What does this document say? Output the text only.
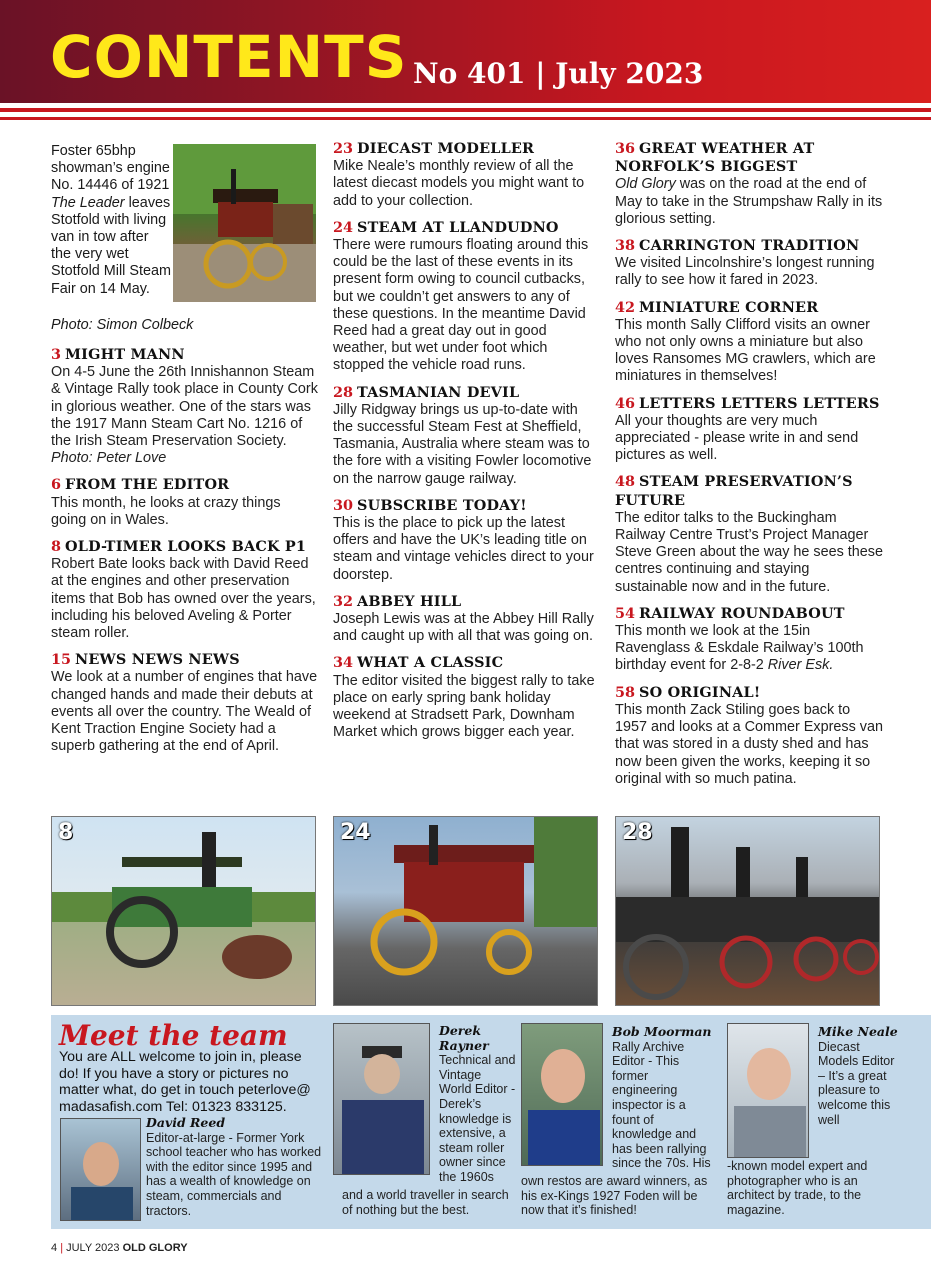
CONTENTS No 401 | July 2023
Foster 65bhp showman’s engine No. 14446 of 1921 The Leader leaves Stotfold with living van in tow after the very wet Stotfold Mill Steam Fair on 14 May.
Photo: Simon Colbeck
3 MIGHT MANN
On 4-5 June the 26th Innishannon Steam & Vintage Rally took place in County Cork in glorious weather. One of the stars was the 1917 Mann Steam Cart No. 1216 of the Irish Steam Preservation Society.
Photo: Peter Love
6 FROM THE EDITOR
This month, he looks at crazy things going on in Wales.
8 OLD-TIMER LOOKS BACK P1
Robert Bate looks back with David Reed at the engines and other preservation items that Bob has owned over the years, including his beloved Aveling & Porter steam roller.
15 NEWS NEWS NEWS
We look at a number of engines that have changed hands and made their debuts at events all over the country. The Weald of Kent Traction Engine Society had a superb gathering at the end of April.
23 DIECAST MODELLER
Mike Neale’s monthly review of all the latest diecast models you might want to add to your collection.
24 STEAM AT LLANDUDNO
There were rumours floating around this could be the last of these events in its present form owing to council cutbacks, but we couldn’t get answers to any of these questions. In the meantime David Reed had a great day out in good weather, but wet under foot which stopped the vehicle road runs.
28 TASMANIAN DEVIL
Jilly Ridgway brings us up-to-date with the successful Steam Fest at Sheffield, Tasmania, Australia where steam was to the fore with a visiting Fowler locomotive on the narrow gauge railway.
30 SUBSCRIBE TODAY!
This is the place to pick up the latest offers and have the UK’s leading title on steam and vintage vehicles direct to your doorstep.
32 ABBEY HILL
Joseph Lewis was at the Abbey Hill Rally and caught up with all that was going on.
34 WHAT A CLASSIC
The editor visited the biggest rally to take place on early spring bank holiday weekend at Stradsett Park, Downham Market which grows bigger each year.
36 GREAT WEATHER AT NORFOLK’S BIGGEST
Old Glory was on the road at the end of May to take in the Strumpshaw Rally in its glorious setting.
38 CARRINGTON TRADITION
We visited Lincolnshire’s longest running rally to see how it fared in 2023.
42 MINIATURE CORNER
This month Sally Clifford visits an owner who not only owns a miniature but also loves Ransomes MG crawlers, which are miniatures in themselves!
46 LETTERS LETTERS LETTERS
All your thoughts are very much appreciated - please write in and send pictures as well.
48 STEAM PRESERVATION’S FUTURE
The editor talks to the Buckingham Railway Centre Trust’s Project Manager Steve Green about the way he sees these centres continuing and staying sustainable now and in the future.
54 RAILWAY ROUNDABOUT
This month we look at the 15in Ravenglass & Eskdale Railway’s 100th birthday event for 2-8-2 River Esk.
58 SO ORIGINAL!
This month Zack Stiling goes back to 1957 and looks at a Commer Express van that was stored in a dusty shed and has now been given the works, keeping it so original with so much patina.
8	24	28
Meet the team
You are ALL welcome to join in, please do! If you have a story or pictures no matter what, do get in touch peterlove@ madasafish.com Tel: 01323 833125.
David Reed
Editor-at-large - Former York school teacher who has worked with the editor since 1995 and has a wealth of knowledge on steam, commercials and tractors.
Derek Rayner
Technical and Vintage World Editor - Derek’s knowledge is extensive, a steam roller owner since the 1960s
and a world traveller in search of nothing but the best.
Bob Moorman
Rally Archive Editor - This former engineering inspector is a fount of knowledge and has been rallying since the 70s. His
own restos are award winners, as his ex-Kings 1927 Foden will be now that it’s finished!
Mike Neale
Diecast Models Editor – It’s a great pleasure to welcome this well
-known model expert and photographer who is an architect by trade, to the magazine.
4 | JULY 2023 OLD GLORY
